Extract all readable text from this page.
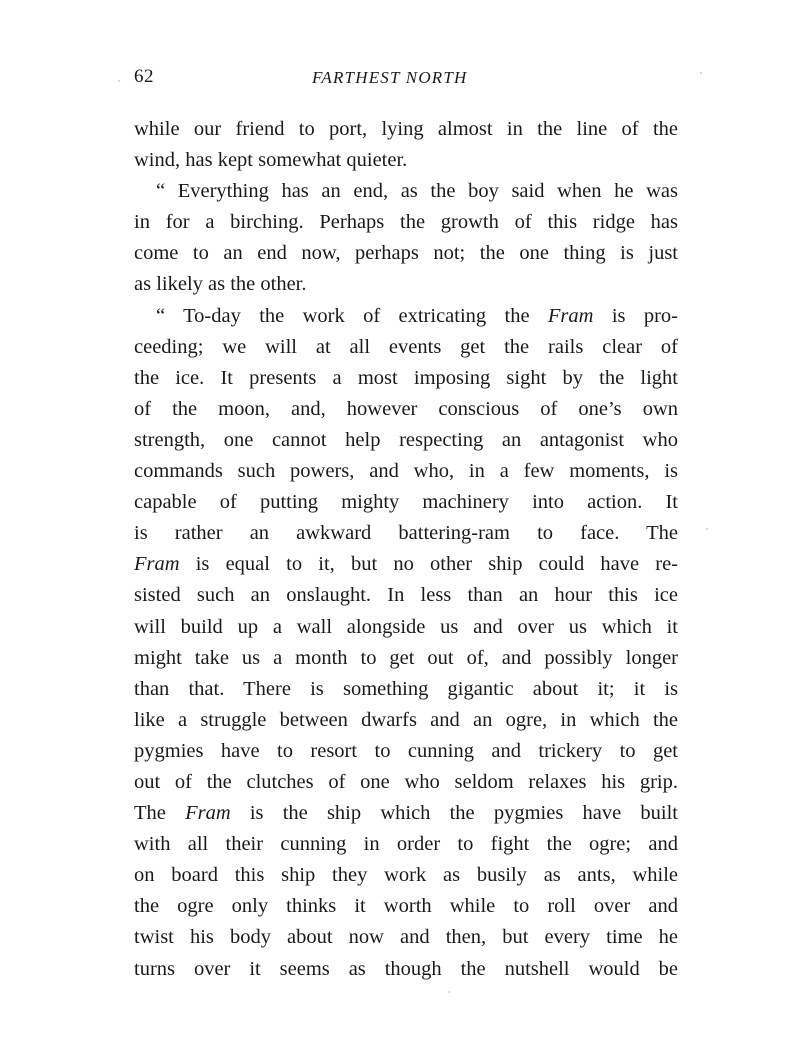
62	FARTHEST NORTH
while our friend to port, lying almost in the line of the
wind, has kept somewhat quieter.
“ Everything has an end, as the boy said when he was
in for a birching. Perhaps the growth of this ridge has
come to an end now, perhaps not; the one thing is just
as likely as the other.
“ To-day the work of extricating the Fram is pro-
ceeding; we will at all events get the rails clear of
the ice. It presents a most imposing sight by the light
of the moon, and, however conscious of one’s own
strength, one cannot help respecting an antagonist who
commands such powers, and who, in a few moments, is
capable of putting mighty machinery into action. It
is rather an awkward battering-ram to face. The
Fram is equal to it, but no other ship could have re-
sisted such an onslaught. In less than an hour this ice
will build up a wall alongside us and over us which it
might take us a month to get out of, and possibly longer
than that. There is something gigantic about it; it is
like a struggle between dwarfs and an ogre, in which the
pygmies have to resort to cunning and trickery to get
out of the clutches of one who seldom relaxes his grip.
The Fram is the ship which the pygmies have built
with all their cunning in order to fight the ogre; and
on board this ship they work as busily as ants, while
the ogre only thinks it worth while to roll over and
twist his body about now and then, but every time he
turns over it seems as though the nutshell would be
